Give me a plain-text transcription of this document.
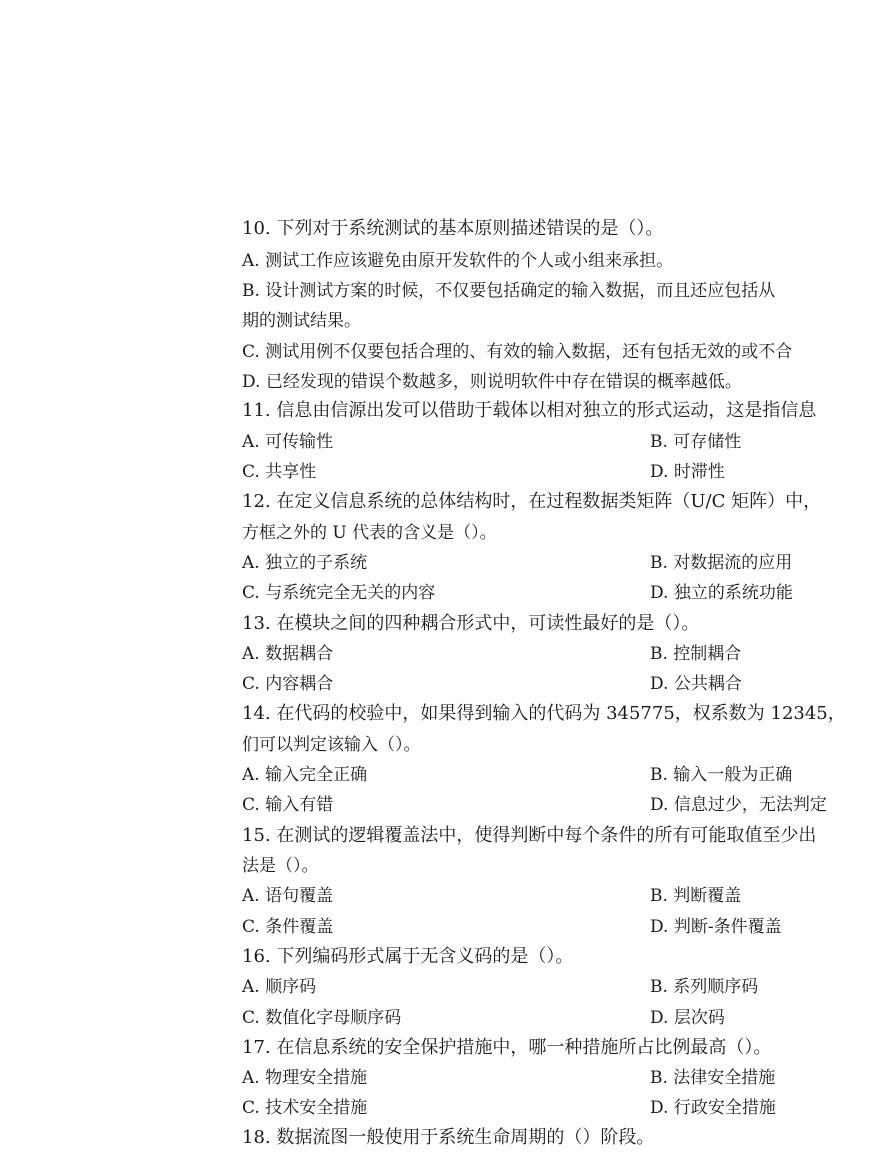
10. 下列对于系统测试的基本原则描述错误的是（）。
A. 测试工作应该避免由原开发软件的个人或小组来承担。
B. 设计测试方案的时候，不仅要包括确定的输入数据，而且还应包括从
期的测试结果。
C. 测试用例不仅要包括合理的、有效的输入数据，还有包括无效的或不合
D. 已经发现的错误个数越多，则说明软件中存在错误的概率越低。
11. 信息由信源出发可以借助于载体以相对独立的形式运动，这是指信息
A. 可传输性	B. 可存储性
C. 共享性	D. 时滞性
12. 在定义信息系统的总体结构时，在过程数据类矩阵（U/C 矩阵）中，
方框之外的 U 代表的含义是（）。
A. 独立的子系统	B. 对数据流的应用
C. 与系统完全无关的内容	D. 独立的系统功能
13. 在模块之间的四种耦合形式中，可读性最好的是（）。
A. 数据耦合	B. 控制耦合
C. 内容耦合	D. 公共耦合
14. 在代码的校验中，如果得到输入的代码为 345775，权系数为 12345，
们可以判定该输入（）。
A. 输入完全正确	B. 输入一般为正确
C. 输入有错	D. 信息过少，无法判定
15. 在测试的逻辑覆盖法中，使得判断中每个条件的所有可能取值至少出
法是（）。
A. 语句覆盖	B. 判断覆盖
C. 条件覆盖	D. 判断-条件覆盖
16. 下列编码形式属于无含义码的是（）。
A. 顺序码	B. 系列顺序码
C. 数值化字母顺序码	D. 层次码
17. 在信息系统的安全保护措施中，哪一种措施所占比例最高（）。
A. 物理安全措施	B. 法律安全措施
C. 技术安全措施	D. 行政安全措施
18. 数据流图一般使用于系统生命周期的（）阶段。
